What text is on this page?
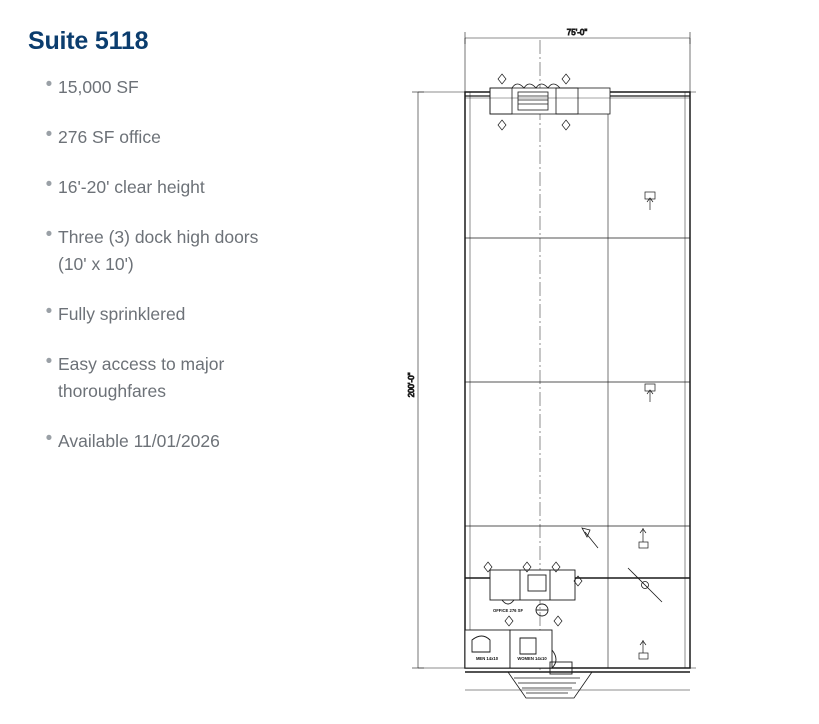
Suite 5118
• 15,000 SF
• 276 SF office
• 16'-20' clear height
• Three (3) dock high doors (10' x 10')
• Fully sprinklered
• Easy access to major thoroughfares
• Available 11/01/2026
75'-0"
200'-0"
OFFICE 276 SF
MEN 14x10	WOMEN 14x10
